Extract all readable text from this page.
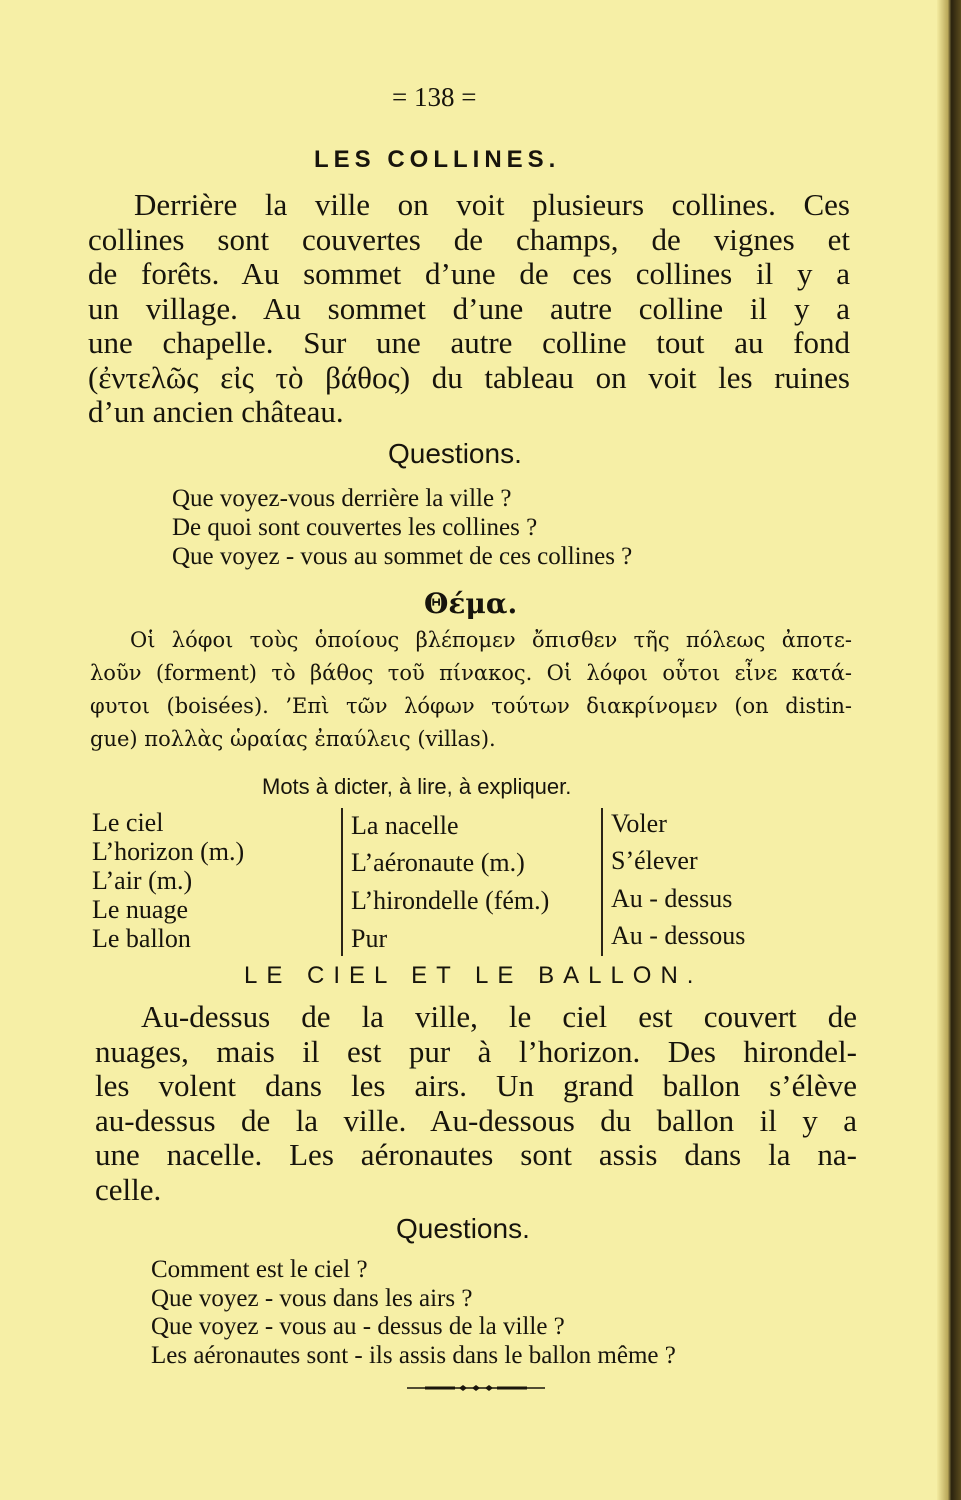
= 138 =
LES COLLINES.
Derrière la ville on voit plusieurs collines. Ces
collines sont couvertes de champs, de vignes et
de forêts. Au sommet d’une de ces collines il y a
un village. Au sommet d’une autre colline il y a
une chapelle. Sur une autre colline tout au fond
(ἐντελῶς εἰς τὸ βάθος) du tableau on voit les ruines
d’un ancien château.
Questions.
Que voyez-vous derrière la ville ?
De quoi sont couvertes les collines ?
Que voyez - vous au sommet de ces collines ?
Θέμα.
Οἱ λόφοι τοὺς ὁποίους βλέπομεν ὄπισθεν τῆς πόλεως ἀποτε-
λοῦν (forment) τὸ βάθος τοῦ πίνακος. Οἱ λόφοι οὗτοι εἶνε κατά-
φυτοι (boisées). ’Επὶ τῶν λόφων τούτων διακρίνομεν (on distin-
gue) πολλὰς ὡραίας ἐπαύλεις (villas).
Mots à dicter, à lire, à expliquer.
Le ciel
L’horizon (m.)
L’air (m.)
Le nuage
Le ballon
La nacelle
L’aéronaute (m.)
L’hirondelle (fém.)
Pur
Voler
S’élever
Au - dessus
Au - dessous
LE CIEL ET LE BALLON.
Au-dessus de la ville, le ciel est couvert de
nuages, mais il est pur à l’horizon. Des hirondel-
les volent dans les airs. Un grand ballon s’élève
au-dessus de la ville. Au-dessous du ballon il y a
une nacelle. Les aéronautes sont assis dans la na-
celle.
Questions.
Comment est le ciel ?
Que voyez - vous dans les airs ?
Que voyez - vous au - dessus de la ville ?
Les aéronautes sont - ils assis dans le ballon même ?
